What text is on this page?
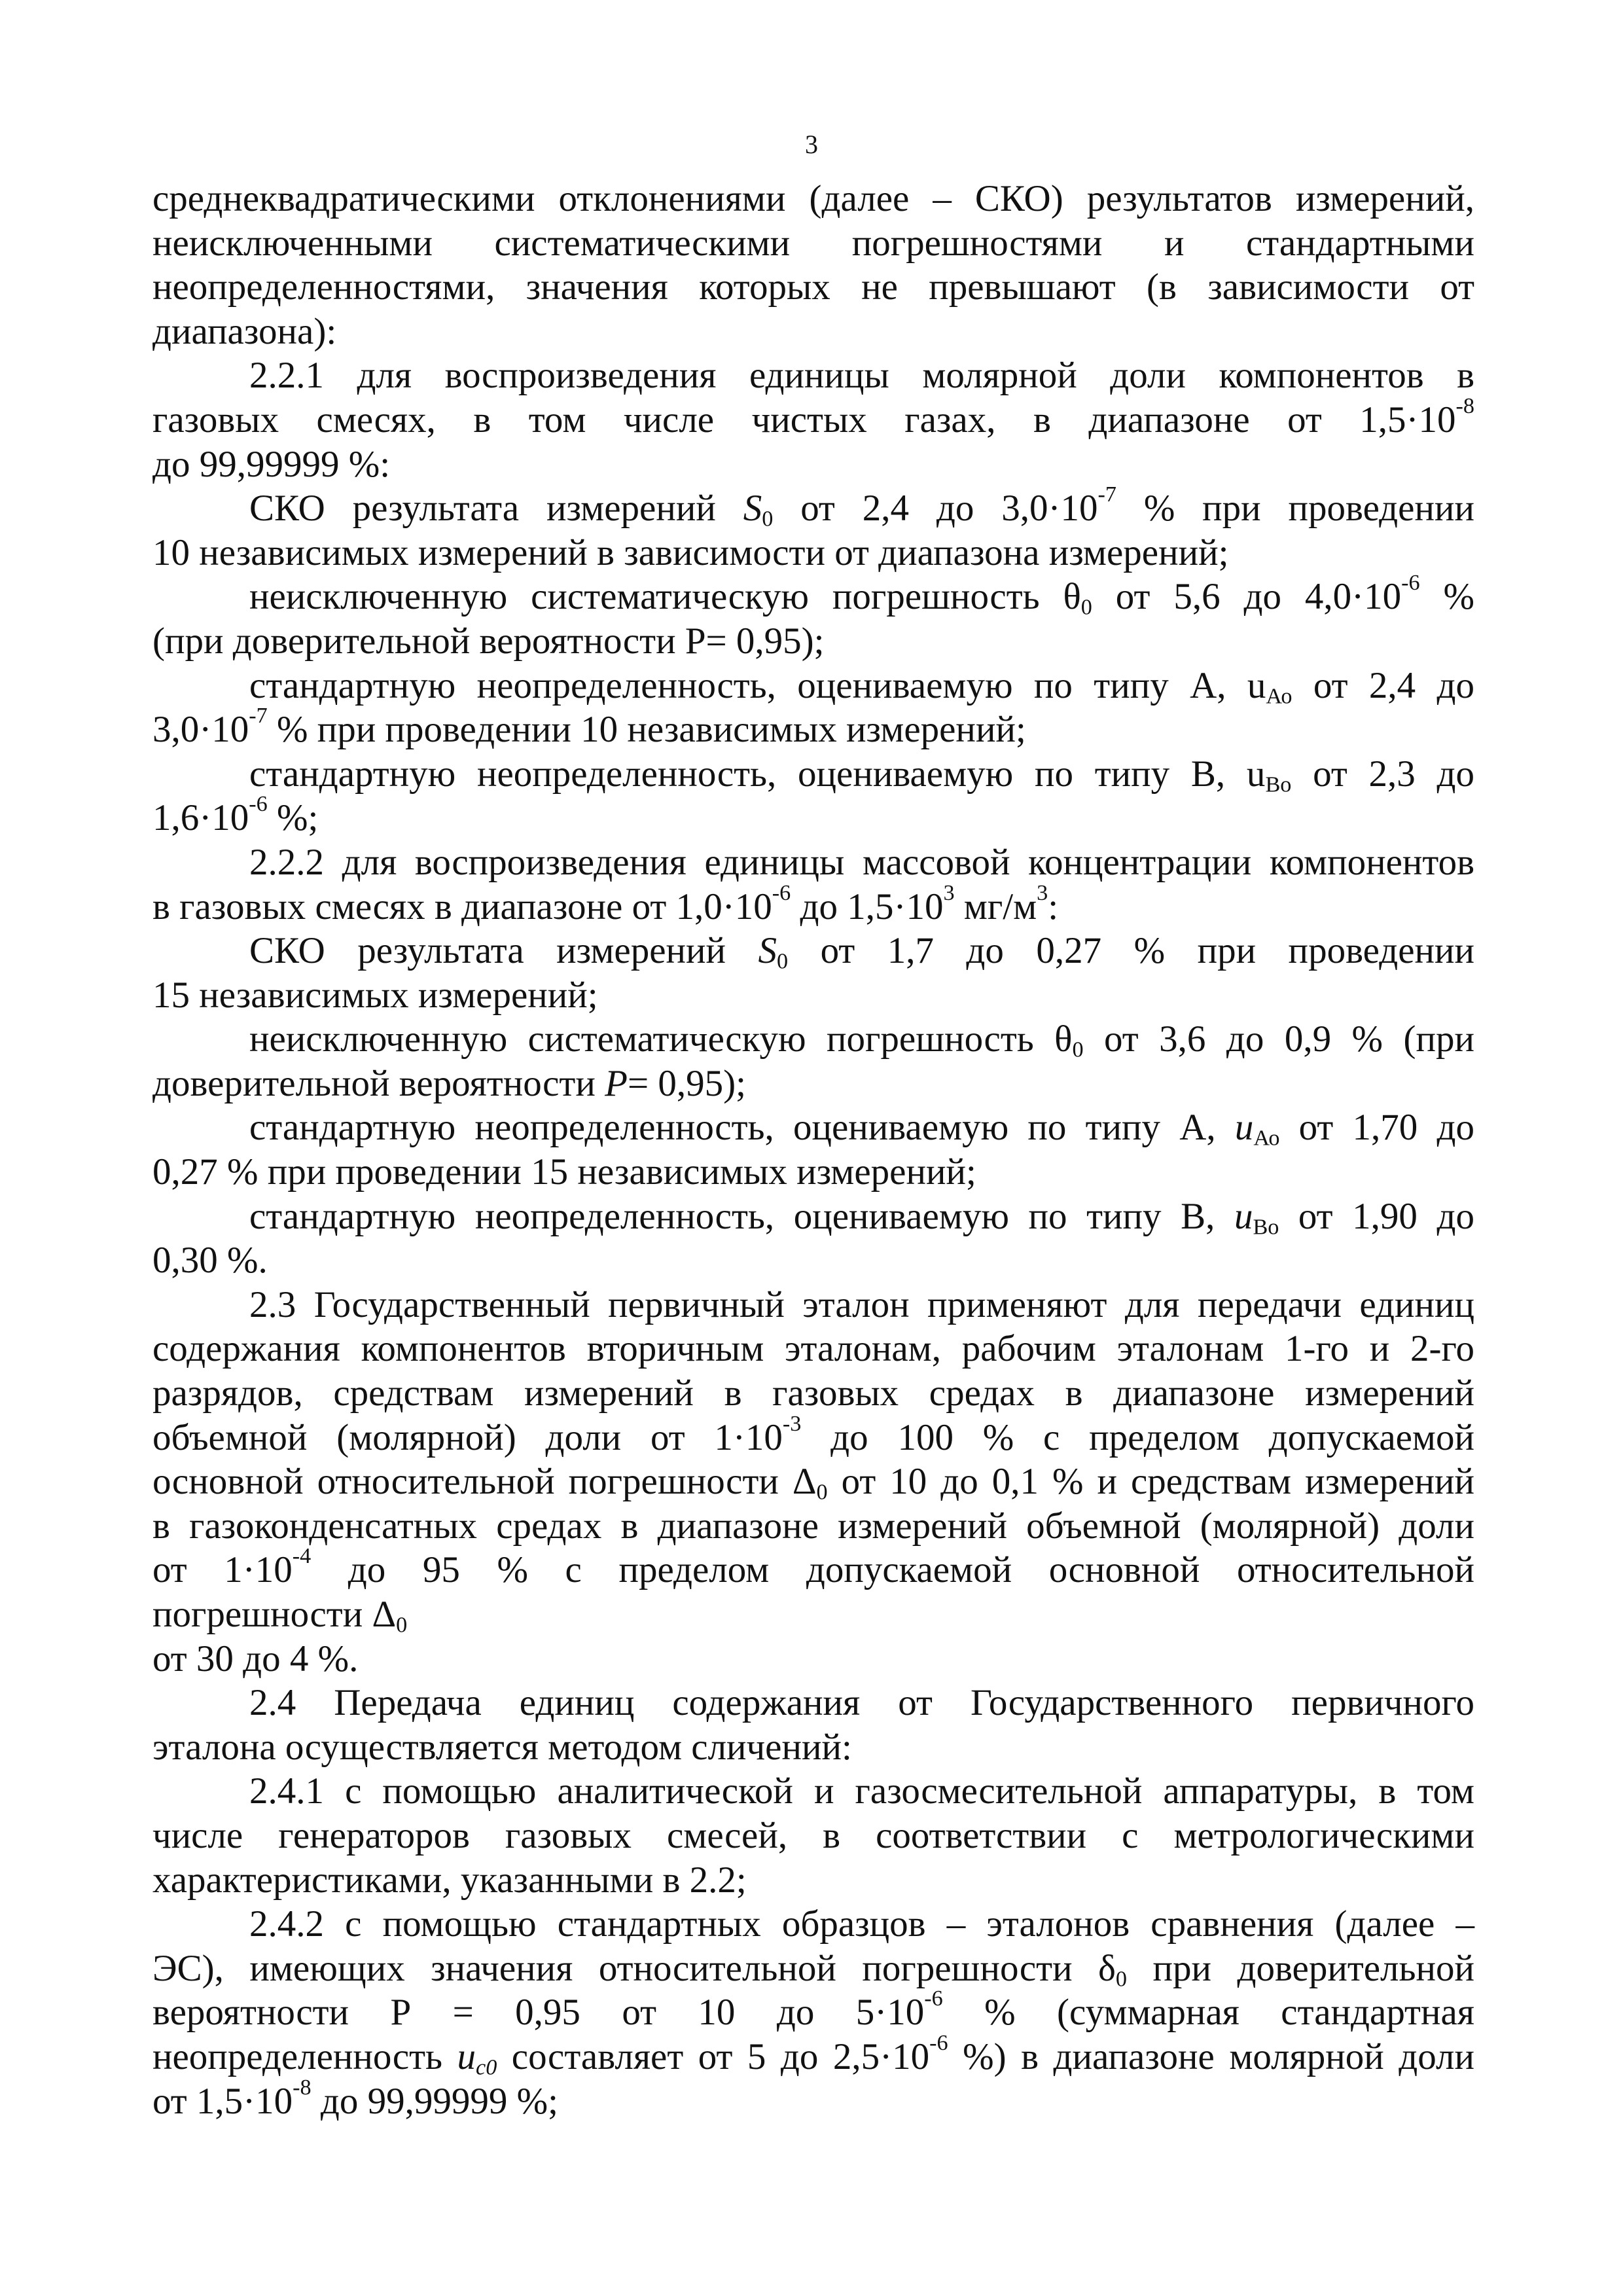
3

среднеквадратическими отклонениями (далее – СКО) результатов измерений,
неисключенными систематическими погрешностями и стандартными
неопределенностями, значения которых не превышают (в зависимости от
диапазона):
2.2.1 для воспроизведения единицы молярной доли компонентов в
газовых смесях, в том числе чистых газах, в диапазоне от $1,5\cdot 10^{-8}$
до 99,99999 %:
СКО результата измерений $S_0$ от 2,4 до $3,0\cdot 10^{-7}$ % при проведении
10 независимых измерений в зависимости от диапазона измерений;
неисключенную систематическую погрешность $\theta_0$ от 5,6 до $4,0\cdot 10^{-6}$ %
(при доверительной вероятности Р= 0,95);
стандартную неопределенность, оцениваемую по типу А, $u_{Ао}$ от 2,4 до
$3,0\cdot 10^{-7}$ % при проведении 10 независимых измерений;
стандартную неопределенность, оцениваемую по типу В, $u_{Во}$ от 2,3 до
$1,6\cdot 10^{-6}$ %;
2.2.2 для воспроизведения единицы массовой концентрации компонентов
в газовых смесях в диапазоне от $1,0\cdot 10^{-6}$ до $1,5\cdot 10^3$ $мг/м^3$:
СКО результата измерений $S_0$ от 1,7 до 0,27 % при проведении
15 независимых измерений;
неисключенную систематическую погрешность $\theta_0$ от 3,6 до 0,9 % (при
доверительной вероятности Р= 0,95);
стандартную неопределенность, оцениваемую по типу А, $u_{Ао}$ от 1,70 до
0,27 % при проведении 15 независимых измерений;
стандартную неопределенность, оцениваемую по типу В, $u_{Во}$ от 1,90 до
0,30 %.
2.3 Государственный первичный эталон применяют для передачи единиц
содержания компонентов вторичным эталонам, рабочим эталонам 1-го и 2-го
разрядов, средствам измерений в газовых средах в диапазоне измерений
объемной (молярной) доли от $1\cdot 10^{-3}$ до 100 % с пределом допускаемой
основной относительной погрешности $\Delta_0$ от 10 до 0,1 % и средствам измерений
в газоконденсатных средах в диапазоне измерений объемной (молярной) доли
от $1\cdot 10^{-4}$ до 95 % с пределом допускаемой основной относительной
погрешности $\Delta_0$
от 30 до 4 %.
2.4 Передача единиц содержания от Государственного первичного
эталона осуществляется методом сличений:
2.4.1 с помощью аналитической и газосмесительной аппаратуры, в том
числе генераторов газовых смесей, в соответствии с метрологическими
характеристиками, указанными в 2.2;
2.4.2 с помощью стандартных образцов – эталонов сравнения (далее –
ЭС), имеющих значения относительной погрешности $\delta_0$ при доверительной
вероятности Р = 0,95 от 10 до $5\cdot 10^{-6}$ % (суммарная стандартная
неопределенность $u_{c0}$ составляет от 5 до $2,5\cdot 10^{-6}$ %) в диапазоне молярной доли
от $1,5\cdot 10^{-8}$ до 99,99999 %;
